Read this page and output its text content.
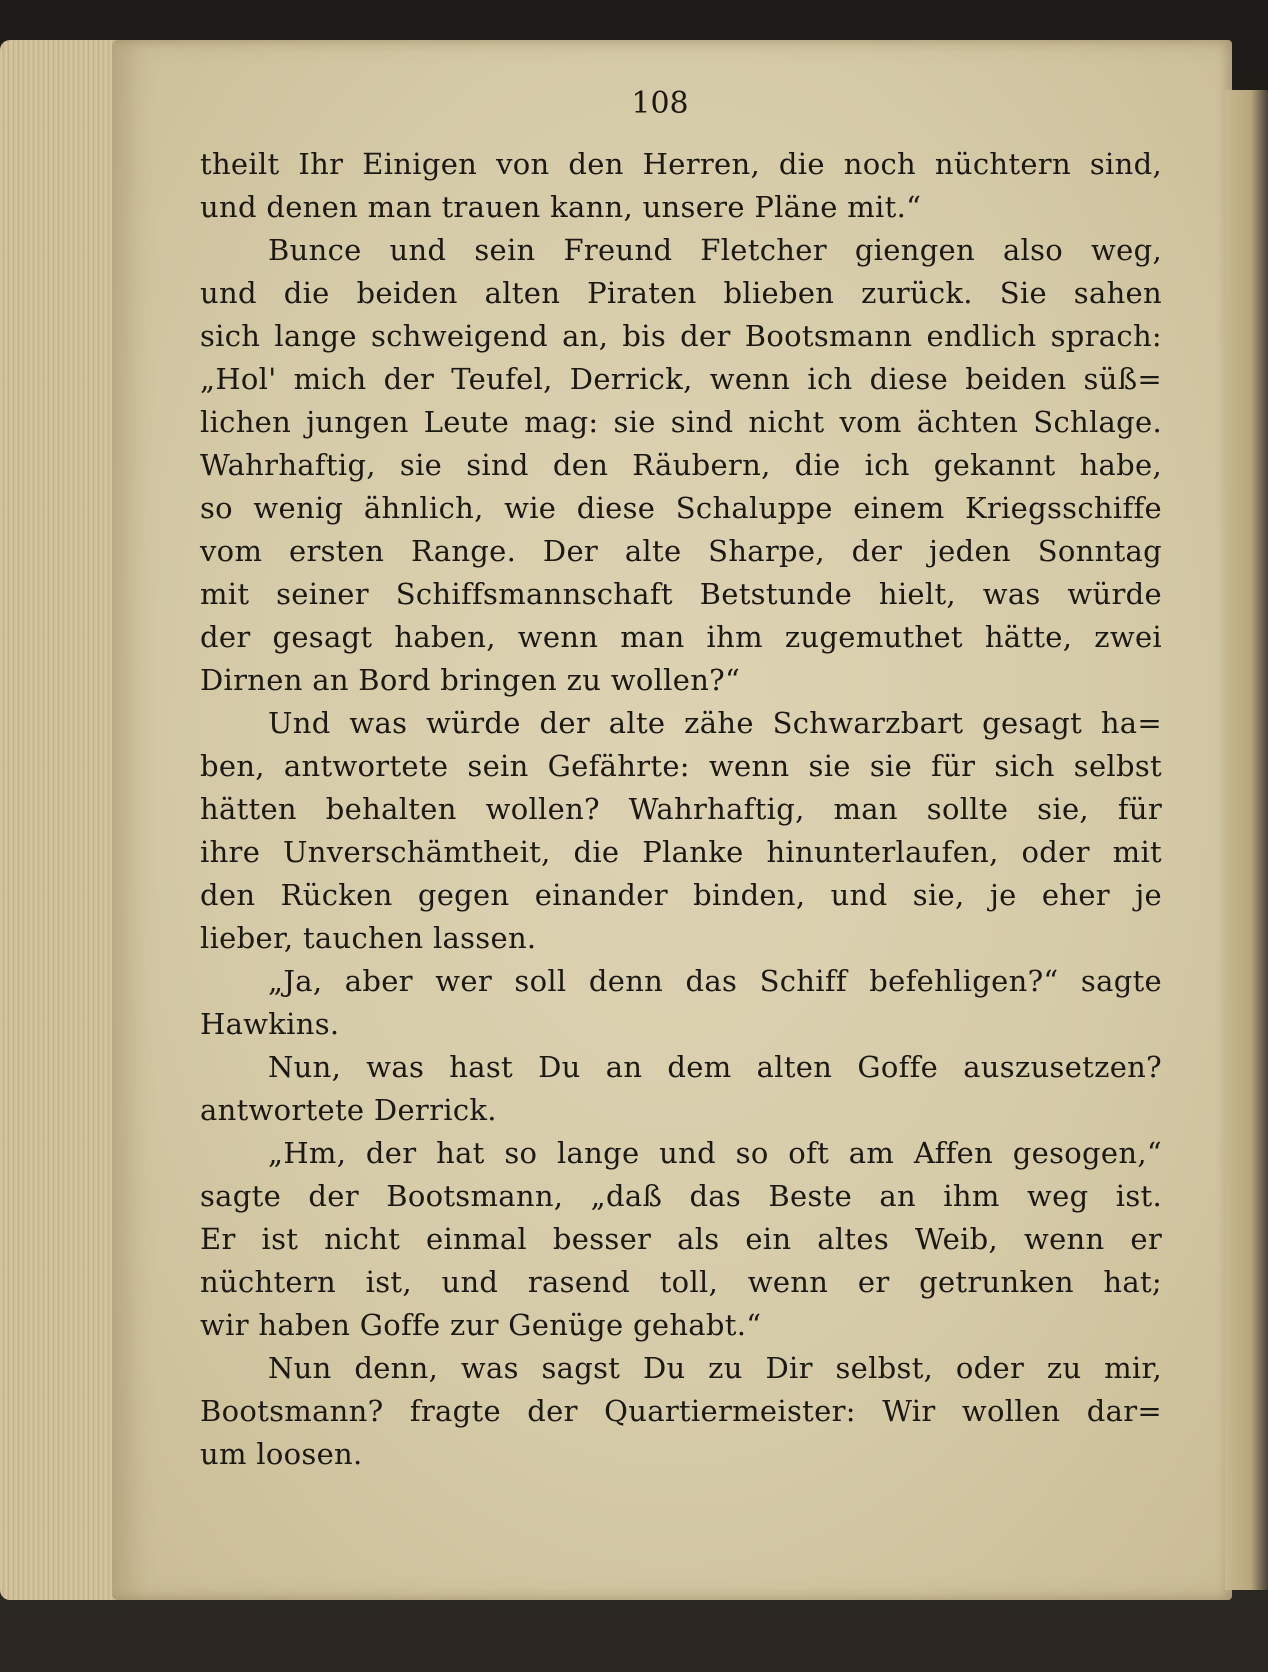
108
theilt Ihr Einigen von den Herren, die noch nüchtern sind,
und denen man trauen kann, unsere Pläne mit.“
Bunce und sein Freund Fletcher giengen also weg,
und die beiden alten Piraten blieben zurück. Sie sahen
sich lange schweigend an, bis der Bootsmann endlich sprach:
„Hol' mich der Teufel, Derrick, wenn ich diese beiden süß=
lichen jungen Leute mag: sie sind nicht vom ächten Schlage.
Wahrhaftig, sie sind den Räubern, die ich gekannt habe,
so wenig ähnlich, wie diese Schaluppe einem Kriegsschiffe
vom ersten Range. Der alte Sharpe, der jeden Sonntag
mit seiner Schiffsmannschaft Betstunde hielt, was würde
der gesagt haben, wenn man ihm zugemuthet hätte, zwei
Dirnen an Bord bringen zu wollen?“
Und was würde der alte zähe Schwarzbart gesagt ha=
ben, antwortete sein Gefährte: wenn sie sie für sich selbst
hätten behalten wollen? Wahrhaftig, man sollte sie, für
ihre Unverschämtheit, die Planke hinunterlaufen, oder mit
den Rücken gegen einander binden, und sie, je eher je
lieber, tauchen lassen.
„Ja, aber wer soll denn das Schiff befehligen?“ sagte
Hawkins.
Nun, was hast Du an dem alten Goffe auszusetzen?
antwortete Derrick.
„Hm, der hat so lange und so oft am Affen gesogen,“
sagte der Bootsmann, „daß das Beste an ihm weg ist.
Er ist nicht einmal besser als ein altes Weib, wenn er
nüchtern ist, und rasend toll, wenn er getrunken hat;
wir haben Goffe zur Genüge gehabt.“
Nun denn, was sagst Du zu Dir selbst, oder zu mir,
Bootsmann? fragte der Quartiermeister: Wir wollen dar=
um loosen.
